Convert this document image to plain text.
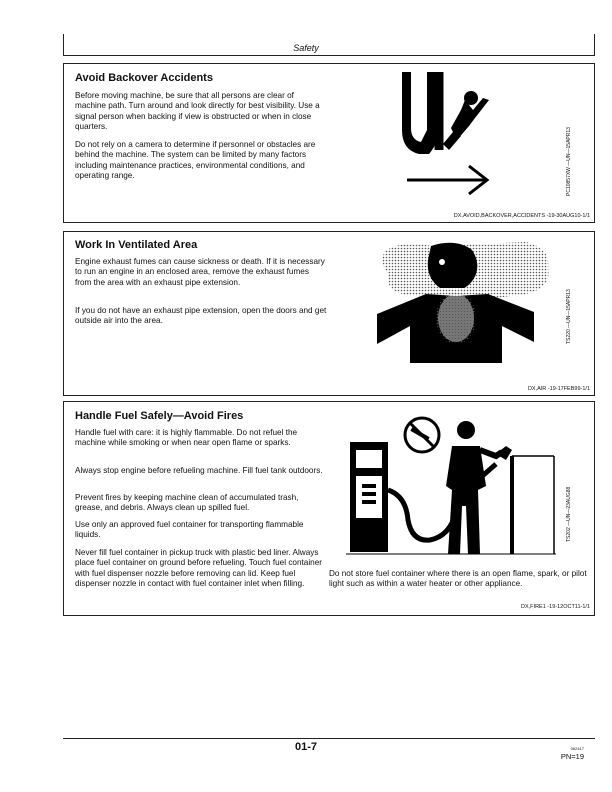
Safety
Avoid Backover Accidents

Before moving machine, be sure that all persons are clear of machine path. Turn around and look directly for best visibility. Use a signal person when backing if view is obstructed or when in close quarters.

Do not rely on a camera to determine if personnel or obstacles are behind the machine. The system can be limited by many factors including maintenance practices, environmental conditions, and operating range.	PC10857XW —UN—15APR13
DX,AVOID,BACKOVER,ACCIDENTS -19-30AUG10-1/1
Work In Ventilated Area

Engine exhaust fumes can cause sickness or death. If it is necessary to run an engine in an enclosed area, remove the exhaust fumes from the area with an exhaust pipe extension.

If you do not have an exhaust pipe extension, open the doors and get outside air into the area.	TS220 —UN—15APR13
DX,AIR -19-17FEB99-1/1
Handle Fuel Safely—Avoid Fires

Handle fuel with care: it is highly flammable. Do not refuel the machine while smoking or when near open flame or sparks.

Always stop engine before refueling machine. Fill fuel tank outdoors.

Prevent fires by keeping machine clean of accumulated trash, grease, and debris. Always clean up spilled fuel.

Use only an approved fuel container for transporting flammable liquids.

Never fill fuel container in pickup truck with plastic bed liner. Always place fuel container on ground before refueling. Touch fuel container with fuel dispenser nozzle before removing can lid. Keep fuel dispenser nozzle in contact with fuel container inlet when filling.

TS202 —UN—23AUG88

Do not store fuel container where there is an open flame, spark, or pilot light such as within a water heater or other appliance.

DX,FIRE1 -19-12OCT11-1/1
01-7	062417
PN=19
